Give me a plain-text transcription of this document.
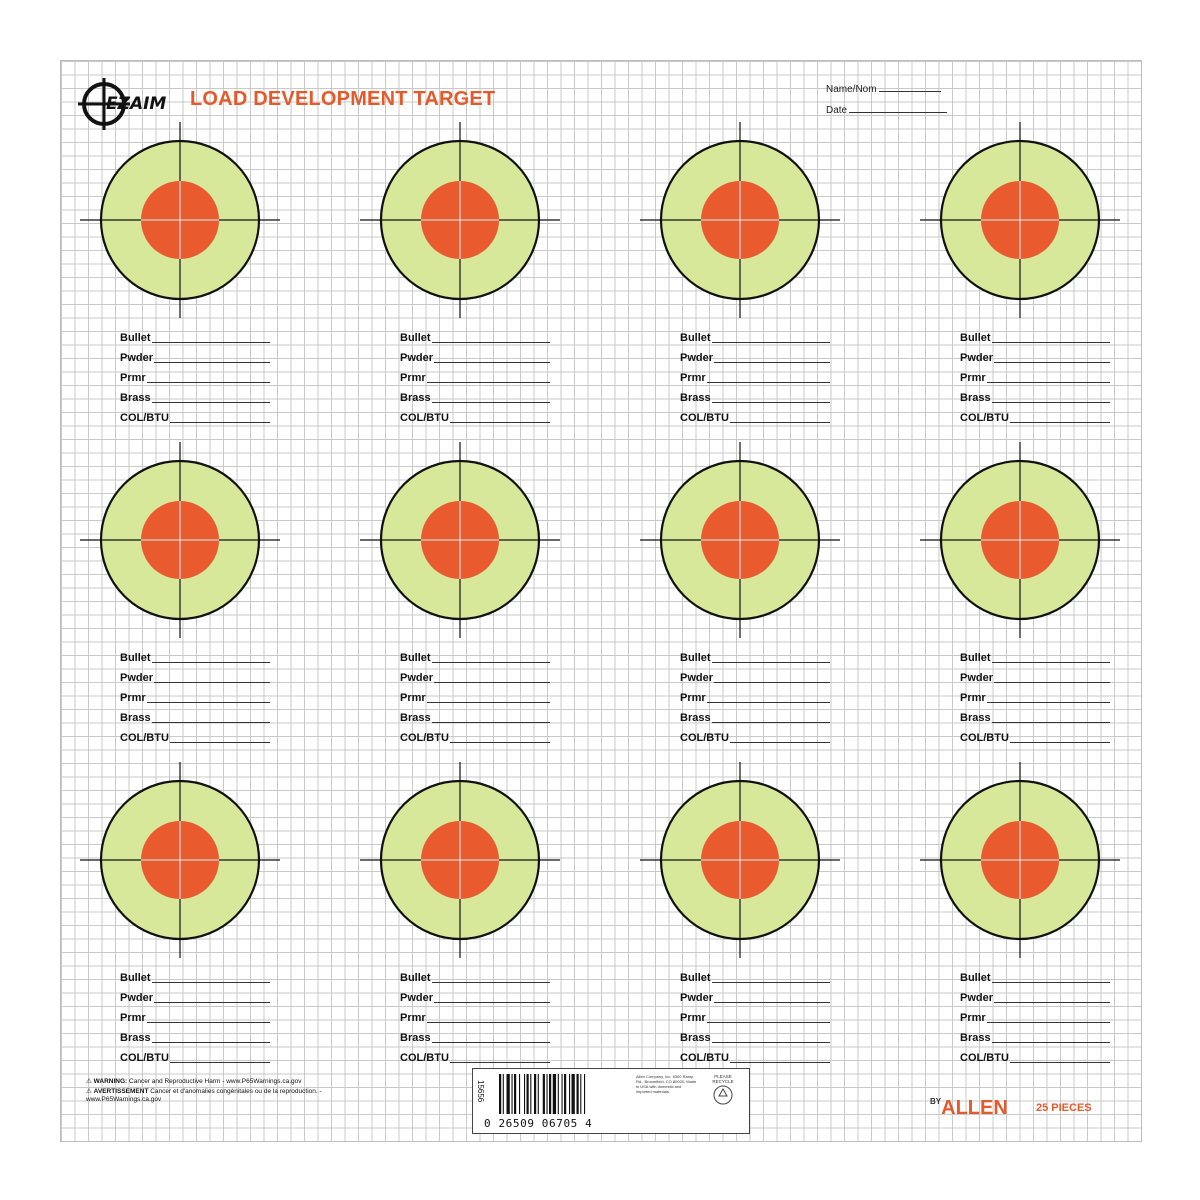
EZAIM LOAD DEVELOPMENT TARGET	Name/Nom
Date
Bullet
Pwder
Prmr
Brass
COL/BTU
Bullet
Pwder
Prmr
Brass
COL/BTU
Bullet
Pwder
Prmr
Brass
COL/BTU
Bullet
Pwder
Prmr
Brass
COL/BTU
Bullet
Pwder
Prmr
Brass
COL/BTU
Bullet
Pwder
Prmr
Brass
COL/BTU
Bullet
Pwder
Prmr
Brass
COL/BTU
Bullet
Pwder
Prmr
Brass
COL/BTU
Bullet
Pwder
Prmr
Brass
COL/BTU
Bullet
Pwder
Prmr
Brass
COL/BTU
Bullet
Pwder
Prmr
Brass
COL/BTU
Bullet
Pwder
Prmr
Brass
COL/BTU
⚠ WARNING: Cancer and Reproductive Harm - www.P65Warnings.ca.gov
⚠ AVERTISSEMENT Cancer et d'anomalies congénitales ou de la reproduction. - www.P65Warnings.ca.gov	15656
0 26509 06705 4
Allen Company, Inc. 8300 Ramp Rd., Broomfield, CO 80020. Made in USA with domestic and imported materials.
PLEASE RECYCLE
$^{BY}$ALLEN	25 PIECES
